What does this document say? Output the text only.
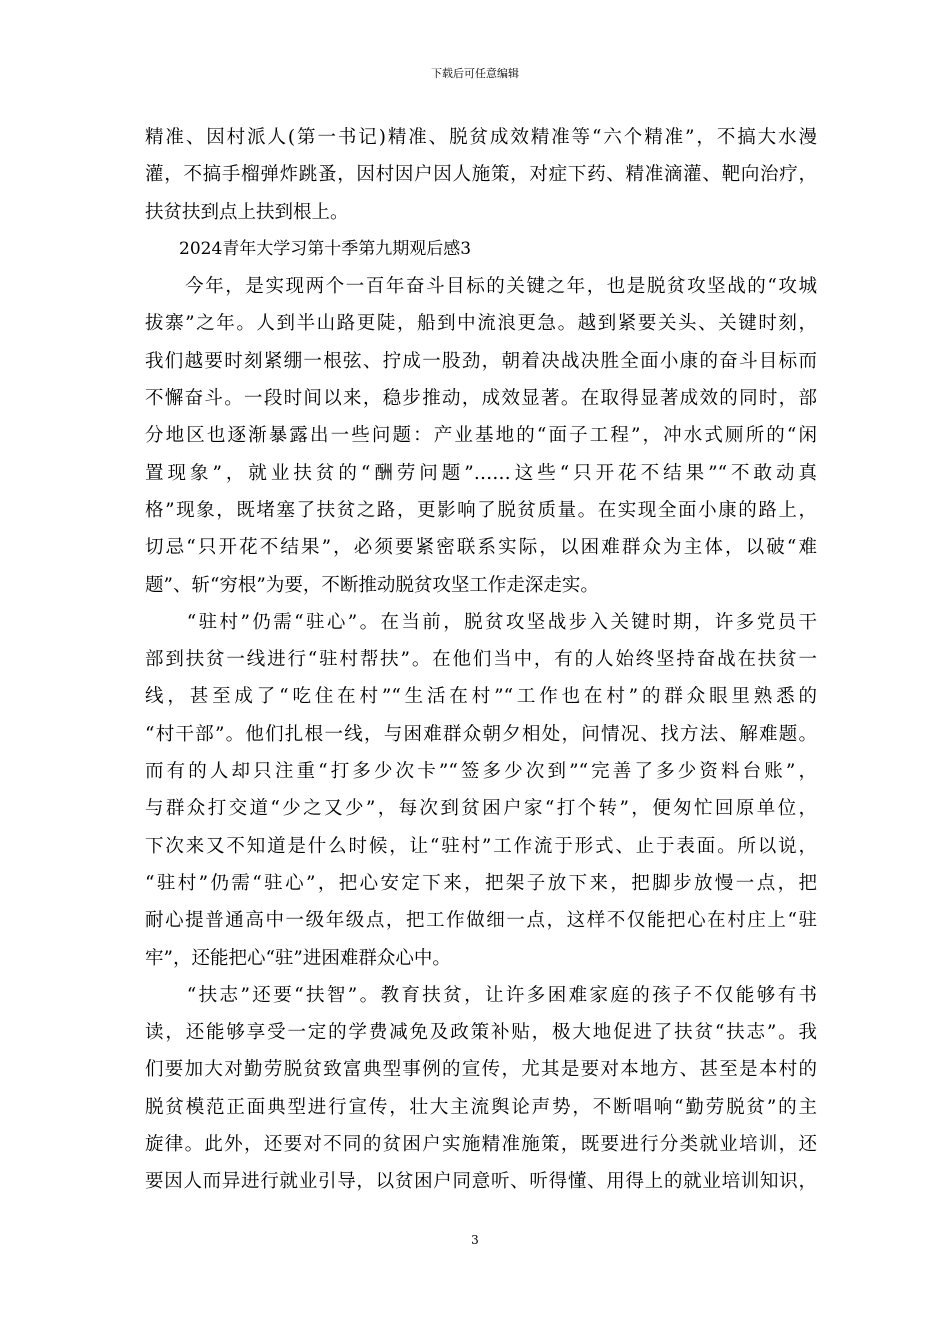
下载后可任意编辑
精准、因村派人(第一书记)精准、脱贫成效精准等“六个精准”，不搞大水漫
灌，不搞手榴弹炸跳蚤，因村因户因人施策，对症下药、精准滴灌、靶向治疗，
扶贫扶到点上扶到根上。
　　2024青年大学习第十季第九期观后感3
　　今年，是实现两个一百年奋斗目标的关键之年，也是脱贫攻坚战的“攻城
拔寨”之年。人到半山路更陡，船到中流浪更急。越到紧要关头、关键时刻，
我们越要时刻紧绷一根弦、拧成一股劲，朝着决战决胜全面小康的奋斗目标而
不懈奋斗。一段时间以来，稳步推动，成效显著。在取得显著成效的同时，部
分地区也逐渐暴露出一些问题：产业基地的“面子工程”，冲水式厕所的“闲
置现象”，就业扶贫的“酬劳问题”……这些“只开花不结果”“不敢动真
格”现象，既堵塞了扶贫之路，更影响了脱贫质量。在实现全面小康的路上，
切忌“只开花不结果”，必须要紧密联系实际，以困难群众为主体，以破“难
题”、斩“穷根”为要，不断推动脱贫攻坚工作走深走实。
　　“驻村”仍需“驻心”。在当前，脱贫攻坚战步入关键时期，许多党员干
部到扶贫一线进行“驻村帮扶”。在他们当中，有的人始终坚持奋战在扶贫一
线，甚至成了“吃住在村”“生活在村”“工作也在村”的群众眼里熟悉的
“村干部”。他们扎根一线，与困难群众朝夕相处，问情况、找方法、解难题。
而有的人却只注重“打多少次卡”“签多少次到”“完善了多少资料台账”，
与群众打交道“少之又少”，每次到贫困户家“打个转”，便匆忙回原单位，
下次来又不知道是什么时候，让“驻村”工作流于形式、止于表面。所以说，
“驻村”仍需“驻心”，把心安定下来，把架子放下来，把脚步放慢一点，把
耐心提普通高中一级年级点，把工作做细一点，这样不仅能把心在村庄上“驻
牢”，还能把心“驻”进困难群众心中。
　　“扶志”还要“扶智”。教育扶贫，让许多困难家庭的孩子不仅能够有书
读，还能够享受一定的学费减免及政策补贴，极大地促进了扶贫“扶志”。我
们要加大对勤劳脱贫致富典型事例的宣传，尤其是要对本地方、甚至是本村的
脱贫模范正面典型进行宣传，壮大主流舆论声势，不断唱响“勤劳脱贫”的主
旋律。此外，还要对不同的贫困户实施精准施策，既要进行分类就业培训，还
要因人而异进行就业引导，以贫困户同意听、听得懂、用得上的就业培训知识，
3
